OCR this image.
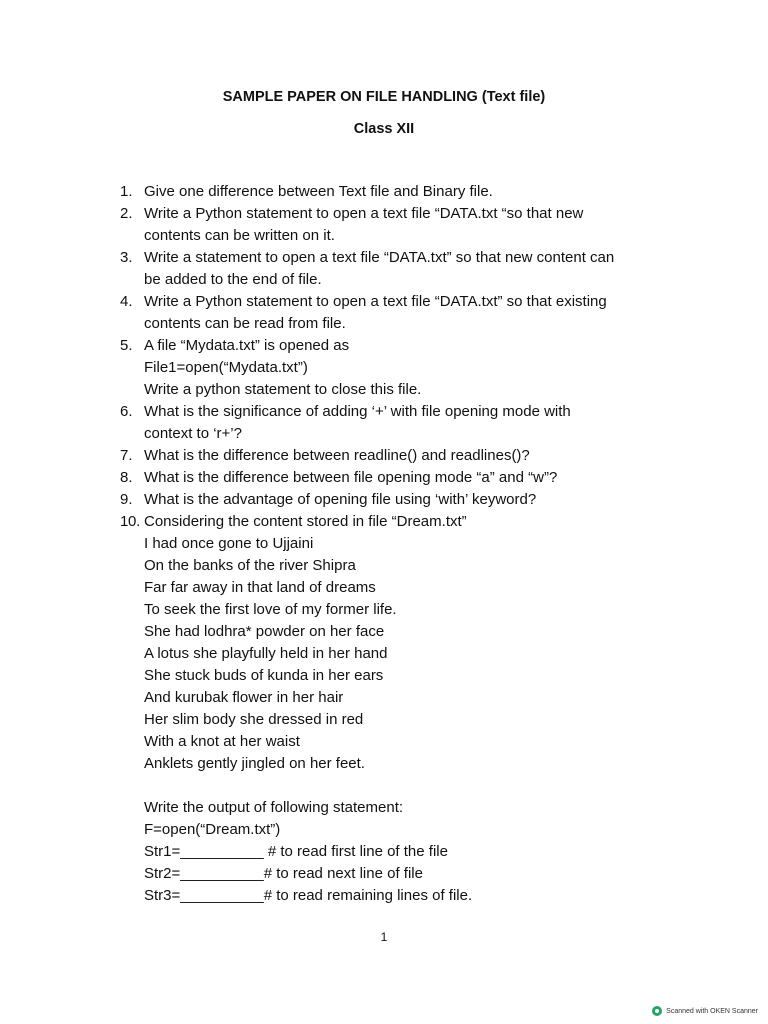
SAMPLE PAPER ON FILE HANDLING (Text file)
Class XII
1. Give one difference between Text file and Binary file.
2. Write a Python statement to open a text file “DATA.txt “so that new
contents can be written on it.
3. Write a statement to open a text file “DATA.txt” so that new content can
be added to the end of file.
4. Write a Python statement to open a text file “DATA.txt” so that existing
contents can be read from file.
5. A file “Mydata.txt” is opened as
File1=open(“Mydata.txt”)
Write a python statement to close this file.
6. What is the significance of adding ‘+’ with file opening mode with
context to ‘r+’?
7. What is the difference between readline() and readlines()?
8. What is the difference between file opening mode “a” and “w”?
9. What is the advantage of opening file using ‘with’ keyword?
10. Considering the content stored in file “Dream.txt”
I had once gone to Ujjaini
On the banks of the river Shipra
Far far away in that land of dreams
To seek the first love of my former life.
She had lodhra* powder on her face
A lotus she playfully held in her hand
She stuck buds of kunda in her ears
And kurubak flower in her hair
Her slim body she dressed in red
With a knot at her waist
Anklets gently jingled on her feet.
Write the output of following statement:
F=open(“Dream.txt”)
Str1=__________ # to read first line of the file
Str2=__________# to read next line of file
Str3=__________# to read remaining lines of file.
1
Scanned with OKEN Scanner
